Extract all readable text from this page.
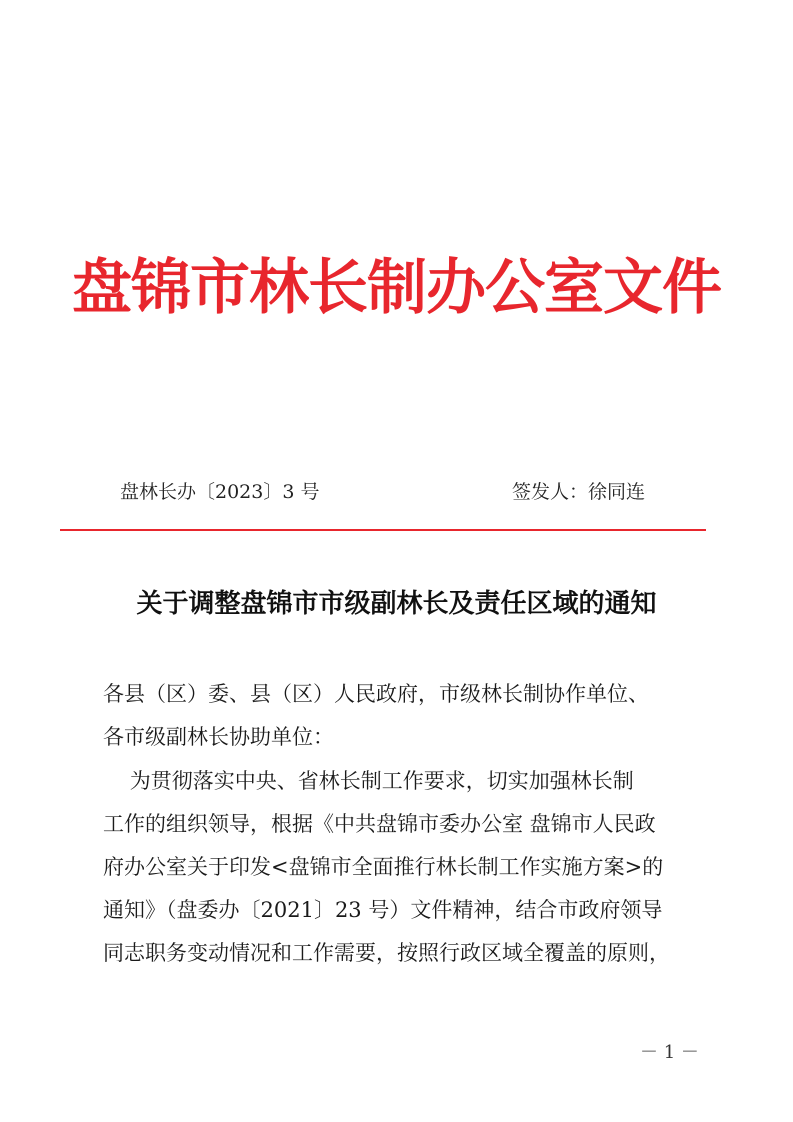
盘锦市林长制办公室文件
盘林长办〔2023〕3 号	签发人：徐同连
关于调整盘锦市市级副林长及责任区域的通知
各县（区）委、县（区）人民政府，市级林长制协作单位、
各市级副林长协助单位：
为贯彻落实中央、省林长制工作要求，切实加强林长制
工作的组织领导，根据《中共盘锦市委办公室 盘锦市人民政
府办公室关于印发<盘锦市全面推行林长制工作实施方案>的
通知》（盘委办〔2021〕23 号）文件精神，结合市政府领导
同志职务变动情况和工作需要，按照行政区域全覆盖的原则，
－ 1 －
